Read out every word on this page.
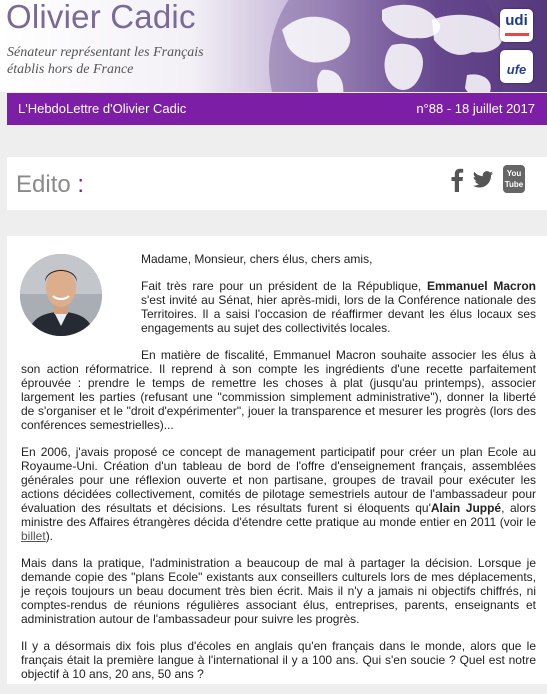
Olivier Cadic
Sénateur représentant les Français
établis hors de France
udi
ufe
L'HebdoLettre d'Olivier Cadic	n°88 - 18 juillet 2017
Edito :	You
Tube

Madame, Monsieur, chers élus, chers amis,

Fait très rare pour un président de la République, Emmanuel Macron s'est invité au Sénat, hier après-midi, lors de la Conférence nationale des Territoires. Il a saisi l'occasion de réaffirmer devant les élus locaux ses engagements au sujet des collectivités locales.

En matière de fiscalité, Emmanuel Macron souhaite associer les élus à son action réformatrice. Il reprend à son compte les ingrédients d'une recette parfaitement éprouvée : prendre le temps de remettre les choses à plat (jusqu'au printemps), associer largement les parties (refusant une "commission simplement administrative"), donner la liberté de s'organiser et le "droit d'expérimenter", jouer la transparence et mesurer les progrès (lors des conférences semestrielles)...

En 2006, j'avais proposé ce concept de management participatif pour créer un plan Ecole au Royaume-Uni. Création d'un tableau de bord de l'offre d'enseignement français, assemblées générales pour une réflexion ouverte et non partisane, groupes de travail pour exécuter les actions décidées collectivement, comités de pilotage semestriels autour de l'ambassadeur pour évaluation des résultats et décisions. Les résultats furent si éloquents qu'Alain Juppé, alors ministre des Affaires étrangères décida d'étendre cette pratique au monde entier en 2011 (voir le billet).

Mais dans la pratique, l'administration a beaucoup de mal à partager la décision. Lorsque je demande copie des "plans Ecole" existants aux conseillers culturels lors de mes déplacements, je reçois toujours un beau document très bien écrit. Mais il n'y a jamais ni objectifs chiffrés, ni comptes-rendus de réunions régulières associant élus, entreprises, parents, enseignants et administration autour de l'ambassadeur pour suivre les progrès.

Il y a désormais dix fois plus d'écoles en anglais qu'en français dans le monde, alors que le français était la première langue à l'international il y a 100 ans. Qui s'en soucie ? Quel est notre objectif à 10 ans, 20 ans, 50 ans ?
